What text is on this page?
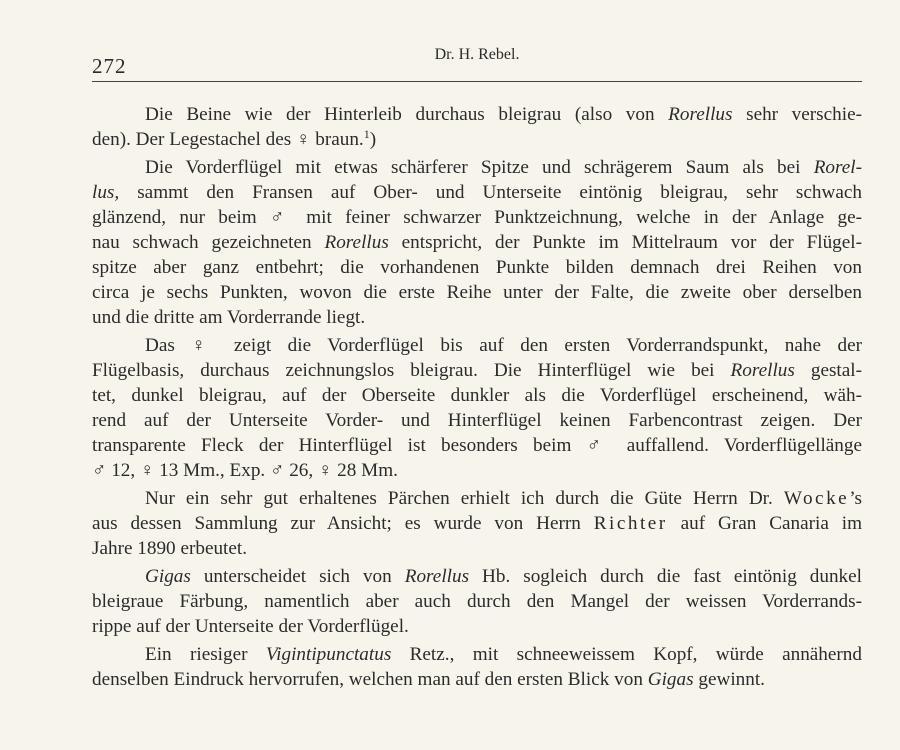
272	Dr. H. Rebel.
Die Beine wie der Hinterleib durchaus bleigrau (also von Rorellus sehr verschie-
den). Der Legestachel des ♀ braun.$^1$)
Die Vorderflügel mit etwas schärferer Spitze und schrägerem Saum als bei Rorel-
lus, sammt den Fransen auf Ober- und Unterseite eintönig bleigrau, sehr schwach
glänzend, nur beim ♂ mit feiner schwarzer Punktzeichnung, welche in der Anlage ge-
nau schwach gezeichneten Rorellus entspricht, der Punkte im Mittelraum vor der Flügel-
spitze aber ganz entbehrt; die vorhandenen Punkte bilden demnach drei Reihen von
circa je sechs Punkten, wovon die erste Reihe unter der Falte, die zweite ober derselben
und die dritte am Vorderrande liegt.
Das ♀ zeigt die Vorderflügel bis auf den ersten Vorderrandspunkt, nahe der
Flügelbasis, durchaus zeichnungslos bleigrau. Die Hinterflügel wie bei Rorellus gestal-
tet, dunkel bleigrau, auf der Oberseite dunkler als die Vorderflügel erscheinend, wäh-
rend auf der Unterseite Vorder- und Hinterflügel keinen Farbencontrast zeigen. Der
transparente Fleck der Hinterflügel ist besonders beim ♂ auffallend. Vorderflügellänge
♂ 12, ♀ 13 Mm., Exp. ♂ 26, ♀ 28 Mm.
Nur ein sehr gut erhaltenes Pärchen erhielt ich durch die Güte Herrn Dr. Wocke’s
aus dessen Sammlung zur Ansicht; es wurde von Herrn Richter auf Gran Canaria im
Jahre 1890 erbeutet.
Gigas unterscheidet sich von Rorellus Hb. sogleich durch die fast eintönig dunkel
bleigraue Färbung, namentlich aber auch durch den Mangel der weissen Vorderrands-
rippe auf der Unterseite der Vorderflügel.
Ein riesiger Vigintipunctatus Retz., mit schneeweissem Kopf, würde annähernd
denselben Eindruck hervorrufen, welchen man auf den ersten Blick von Gigas gewinnt.
